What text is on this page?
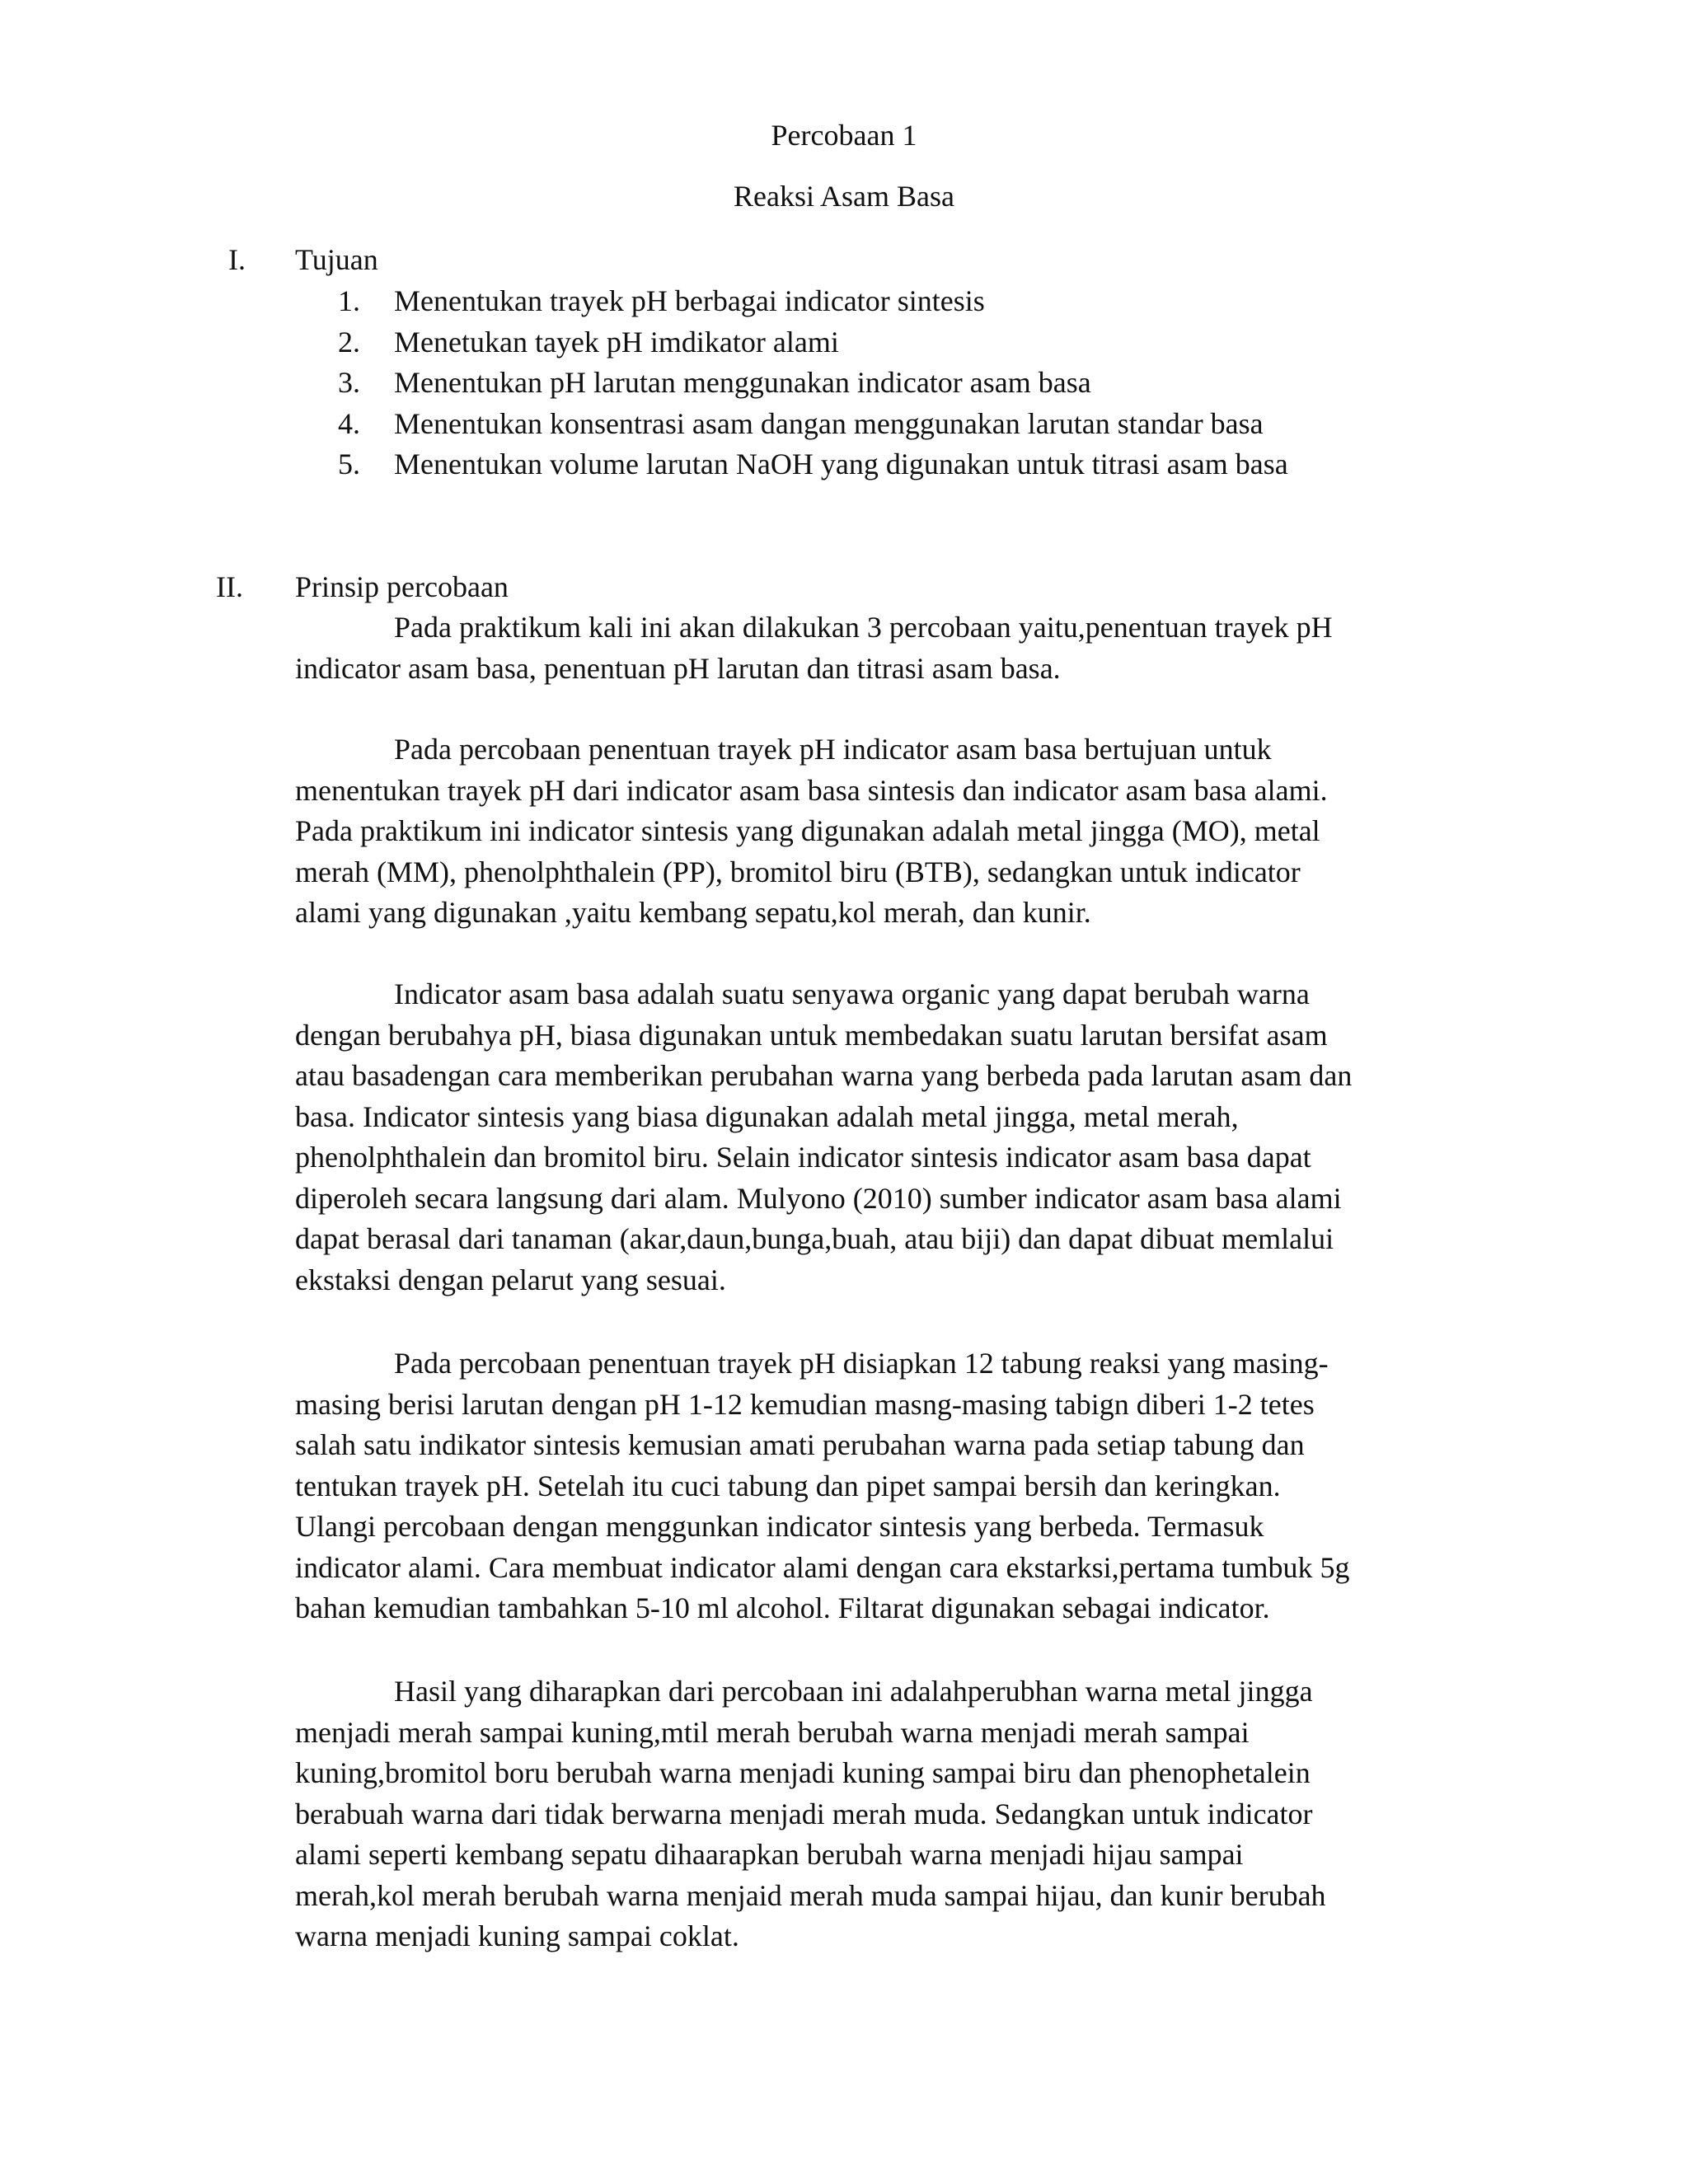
Percobaan 1
Reaksi Asam Basa
I. Tujuan
1. Menentukan trayek pH berbagai indicator sintesis
2. Menetukan tayek pH imdikator alami
3. Menentukan pH larutan menggunakan indicator asam basa
4. Menentukan konsentrasi asam dangan menggunakan larutan standar basa
5. Menentukan volume larutan NaOH yang digunakan untuk titrasi asam basa
II. Prinsip percobaan

Pada praktikum kali ini akan dilakukan 3 percobaan yaitu,penentuan trayek pH
indicator asam basa, penentuan pH larutan dan titrasi asam basa.

Pada percobaan penentuan trayek pH indicator asam basa bertujuan untuk
menentukan trayek pH dari indicator asam basa sintesis dan indicator asam basa alami.
Pada praktikum ini indicator sintesis yang digunakan adalah metal jingga (MO), metal
merah (MM), phenolphthalein (PP), bromitol biru (BTB), sedangkan untuk indicator
alami yang digunakan ,yaitu kembang sepatu,kol merah, dan kunir.

Indicator asam basa adalah suatu senyawa organic yang dapat berubah warna
dengan berubahya pH, biasa digunakan untuk membedakan suatu larutan bersifat asam
atau basadengan cara memberikan perubahan warna yang berbeda pada larutan asam dan
basa. Indicator sintesis yang biasa digunakan adalah metal jingga, metal merah,
phenolphthalein dan bromitol biru. Selain indicator sintesis indicator asam basa dapat
diperoleh secara langsung dari alam. Mulyono (2010) sumber indicator asam basa alami
dapat berasal dari tanaman (akar,daun,bunga,buah, atau biji) dan dapat dibuat memlalui
ekstaksi dengan pelarut yang sesuai.

Pada percobaan penentuan trayek pH disiapkan 12 tabung reaksi yang masing-
masing berisi larutan dengan pH 1-12 kemudian masng-masing tabign diberi 1-2 tetes
salah satu indikator sintesis kemusian amati perubahan warna pada setiap tabung dan
tentukan trayek pH. Setelah itu cuci tabung dan pipet sampai bersih dan keringkan.
Ulangi percobaan dengan menggunkan indicator sintesis yang berbeda. Termasuk
indicator alami. Cara membuat indicator alami dengan cara ekstarksi,pertama tumbuk 5g
bahan kemudian tambahkan 5-10 ml alcohol. Filtarat digunakan sebagai indicator.

Hasil yang diharapkan dari percobaan ini adalahperubhan warna metal jingga
menjadi merah sampai kuning,mtil merah berubah warna menjadi merah sampai
kuning,bromitol boru berubah warna menjadi kuning sampai biru dan phenophetalein
berabuah warna dari tidak berwarna menjadi merah muda. Sedangkan untuk indicator
alami seperti kembang sepatu dihaarapkan berubah warna menjadi hijau sampai
merah,kol merah berubah warna menjaid merah muda sampai hijau, dan kunir berubah
warna menjadi kuning sampai coklat.
